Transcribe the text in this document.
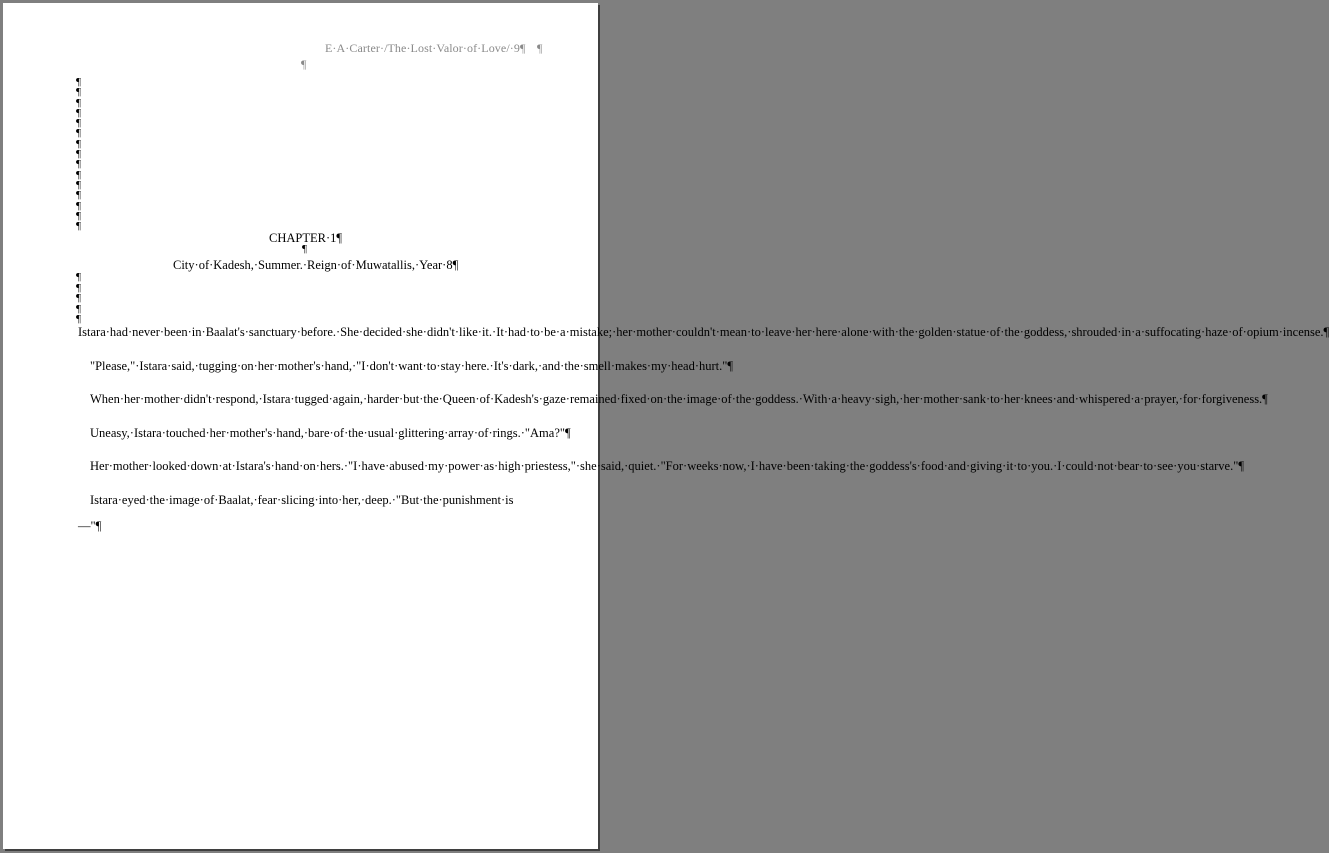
E·A·Carter·/The·Lost·Valor·of·Love/·9¶ ¶
¶
¶
¶
¶
¶
¶
¶
¶
¶
¶
¶
¶
¶
¶
¶
¶
CHAPTER·1¶
¶
City·of·Kadesh,·Summer.·Reign·of·Muwatallis,·Year·8¶
¶
¶
¶
¶
¶

Istara·had·never·been·in·Baalat's·sanctuary·before.·She·decided·she·didn't·like·it.·It·had·to·be·a·mistake;·her·mother·couldn't·mean·to·leave·her·here·alone·with·the·golden·statue·of·the·goddess,·shrouded·in·a·suffocating·haze·of·opium·incense.¶

"Please,"·Istara·said,·tugging·on·her·mother's·hand,·"I·don't·want·to·stay·here.·It's·dark,·and·the·smell·makes·my·head·hurt."¶

When·her·mother·didn't·respond,·Istara·tugged·again,·harder·but·the·Queen·of·Kadesh's·gaze·remained·fixed·on·the·image·of·the·goddess.·With·a·heavy·sigh,·her·mother·sank·to·her·knees·and·whispered·a·prayer,·for·forgiveness.¶

Uneasy,·Istara·touched·her·mother's·hand,·bare·of·the·usual·glittering·array·of·rings.·"Ama?"¶

Her·mother·looked·down·at·Istara's·hand·on·hers.·"I·have·abused·my·power·as·high·priestess,"·she·said,·quiet.·"For·weeks·now,·I·have·been·taking·the·goddess's·food·and·giving·it·to·you.·I·could·not·bear·to·see·you·starve."¶

Istara·eyed·the·image·of·Baalat,·fear·slicing·into·her,·deep.·"But·the·punishment·is—"¶
